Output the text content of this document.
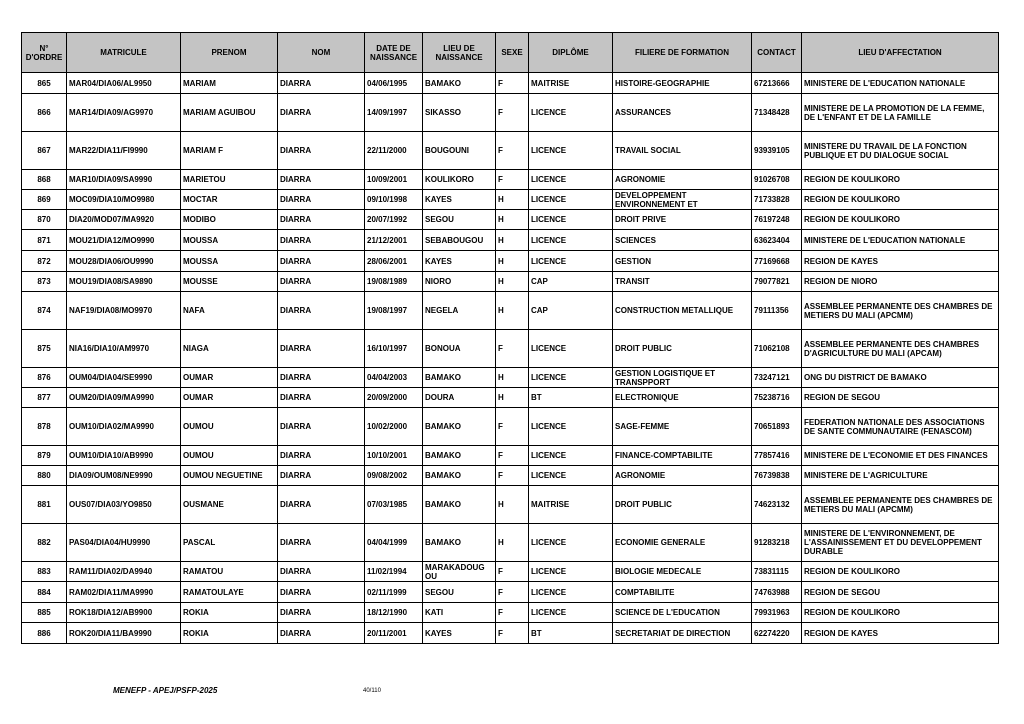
N° D'ORDRE	MATRICULE	PRENOM	NOM	DATE DE NAISSANCE	LIEU DE NAISSANCE	SEXE	DIPLÔME	FILIERE DE FORMATION	CONTACT	LIEU D'AFFECTATION
865	MAR04/DIA06/AL9950	MARIAM	DIARRA	04/06/1995	BAMAKO	F	MAITRISE	HISTOIRE-GEOGRAPHIE	67213666	MINISTERE DE L'EDUCATION NATIONALE
866	MAR14/DIA09/AG9970	MARIAM AGUIBOU	DIARRA	14/09/1997	SIKASSO	F	LICENCE	ASSURANCES	71348428	MINISTERE DE LA PROMOTION DE LA FEMME, DE L'ENFANT ET DE LA FAMILLE
867	MAR22/DIA11/FI9990	MARIAM F	DIARRA	22/11/2000	BOUGOUNI	F	LICENCE	TRAVAIL SOCIAL	93939105	MINISTERE DU TRAVAIL DE LA FONCTION PUBLIQUE ET DU DIALOGUE SOCIAL
868	MAR10/DIA09/SA9990	MARIETOU	DIARRA	10/09/2001	KOULIKORO	F	LICENCE	AGRONOMIE	91026708	REGION DE KOULIKORO
869	MOC09/DIA10/MO9980	MOCTAR	DIARRA	09/10/1998	KAYES	H	LICENCE	DEVELOPPEMENT ENVIRONNEMENT ET	71733828	REGION DE KOULIKORO
870	DIA20/MOD07/MA9920	MODIBO	DIARRA	20/07/1992	SEGOU	H	LICENCE	DROIT PRIVE	76197248	REGION DE KOULIKORO
871	MOU21/DIA12/MO9990	MOUSSA	DIARRA	21/12/2001	SEBABOUGOU	H	LICENCE	SCIENCES	63623404	MINISTERE DE L'EDUCATION NATIONALE
872	MOU28/DIA06/OU9990	MOUSSA	DIARRA	28/06/2001	KAYES	H	LICENCE	GESTION	77169668	REGION DE KAYES
873	MOU19/DIA08/SA9890	MOUSSE	DIARRA	19/08/1989	NIORO	H	CAP	TRANSIT	79077821	REGION DE NIORO
874	NAF19/DIA08/MO9970	NAFA	DIARRA	19/08/1997	NEGELA	H	CAP	CONSTRUCTION METALLIQUE	79111356	ASSEMBLEE PERMANENTE DES CHAMBRES DE METIERS DU MALI (APCMM)
875	NIA16/DIA10/AM9970	NIAGA	DIARRA	16/10/1997	BONOUA	F	LICENCE	DROIT PUBLIC	71062108	ASSEMBLEE PERMANENTE DES CHAMBRES D'AGRICULTURE DU MALI (APCAM)
876	OUM04/DIA04/SE9990	OUMAR	DIARRA	04/04/2003	BAMAKO	H	LICENCE	GESTION LOGISTIQUE ET TRANSPPORT	73247121	ONG DU DISTRICT DE BAMAKO
877	OUM20/DIA09/MA9990	OUMAR	DIARRA	20/09/2000	DOURA	H	BT	ELECTRONIQUE	75238716	REGION DE SEGOU
878	OUM10/DIA02/MA9990	OUMOU	DIARRA	10/02/2000	BAMAKO	F	LICENCE	SAGE-FEMME	70651893	FEDERATION NATIONALE DES ASSOCIATIONS DE SANTE COMMUNAUTAIRE (FENASCOM)
879	OUM10/DIA10/AB9990	OUMOU	DIARRA	10/10/2001	BAMAKO	F	LICENCE	FINANCE-COMPTABILITE	77857416	MINISTERE DE L'ECONOMIE ET DES FINANCES
880	DIA09/OUM08/NE9990	OUMOU NEGUETINE	DIARRA	09/08/2002	BAMAKO	F	LICENCE	AGRONOMIE	76739838	MINISTERE DE L'AGRICULTURE
881	OUS07/DIA03/YO9850	OUSMANE	DIARRA	07/03/1985	BAMAKO	H	MAITRISE	DROIT PUBLIC	74623132	ASSEMBLEE PERMANENTE DES CHAMBRES DE METIERS DU MALI (APCMM)
882	PAS04/DIA04/HU9990	PASCAL	DIARRA	04/04/1999	BAMAKO	H	LICENCE	ECONOMIE GENERALE	91283218	MINISTERE DE L'ENVIRONNEMENT, DE L'ASSAINISSEMENT ET DU DEVELOPPEMENT DURABLE
883	RAM11/DIA02/DA9940	RAMATOU	DIARRA	11/02/1994	MARAKADOUG OU	F	LICENCE	BIOLOGIE MEDECALE	73831115	REGION DE KOULIKORO
884	RAM02/DIA11/MA9990	RAMATOULAYE	DIARRA	02/11/1999	SEGOU	F	LICENCE	COMPTABILITE	74763988	REGION DE SEGOU
885	ROK18/DIA12/AB9900	ROKIA	DIARRA	18/12/1990	KATI	F	LICENCE	SCIENCE DE L'EDUCATION	79931963	REGION DE KOULIKORO
886	ROK20/DIA11/BA9990	ROKIA	DIARRA	20/11/2001	KAYES	F	BT	SECRETARIAT DE DIRECTION	62274220	REGION DE KAYES
MENEFP - APEJ/PSFP-2025	40/110
